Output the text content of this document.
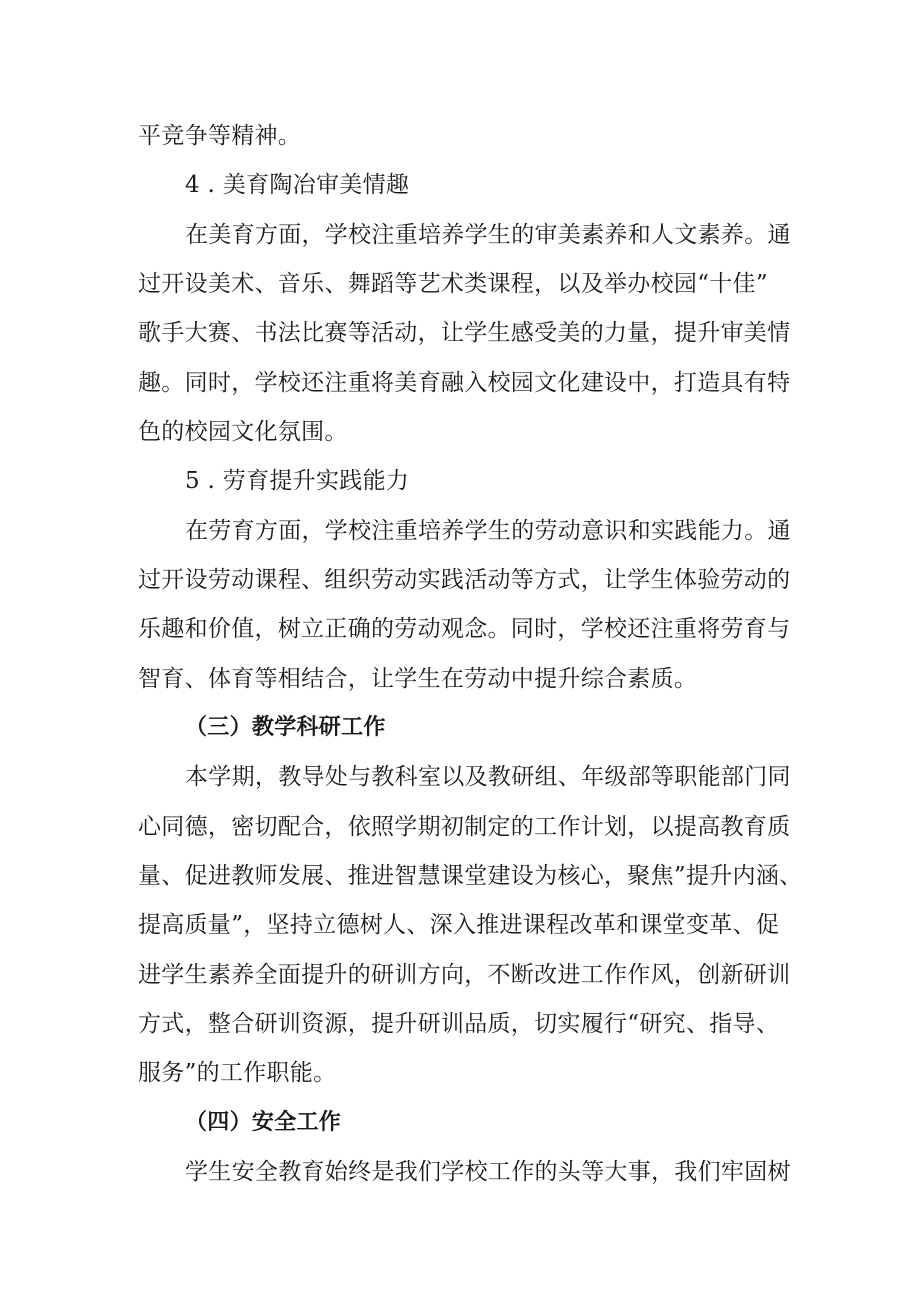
平竞争等精神。
4 . 美育陶冶审美情趣
在美育方面，学校注重培养学生的审美素养和人文素养。通
过开设美术、音乐、舞蹈等艺术类课程，以及举办校园“十佳”
歌手大赛、书法比赛等活动，让学生感受美的力量，提升审美情
趣。同时，学校还注重将美育融入校园文化建设中，打造具有特
色的校园文化氛围。
5 . 劳育提升实践能力
在劳育方面，学校注重培养学生的劳动意识和实践能力。通
过开设劳动课程、组织劳动实践活动等方式，让学生体验劳动的
乐趣和价值，树立正确的劳动观念。同时，学校还注重将劳育与
智育、体育等相结合，让学生在劳动中提升综合素质。
（三）教学科研工作
本学期，教导处与教科室以及教研组、年级部等职能部门同
心同德，密切配合，依照学期初制定的工作计划，以提高教育质
量、促进教师发展、推进智慧课堂建设为核心，聚焦”提升内涵、
提高质量”，坚持立德树人、深入推进课程改革和课堂变革、促
进学生素养全面提升的研训方向，不断改进工作作风，创新研训
方式，整合研训资源，提升研训品质，切实履行“研究、指导、
服务”的工作职能。
（四）安全工作
学生安全教育始终是我们学校工作的头等大事，我们牢固树
